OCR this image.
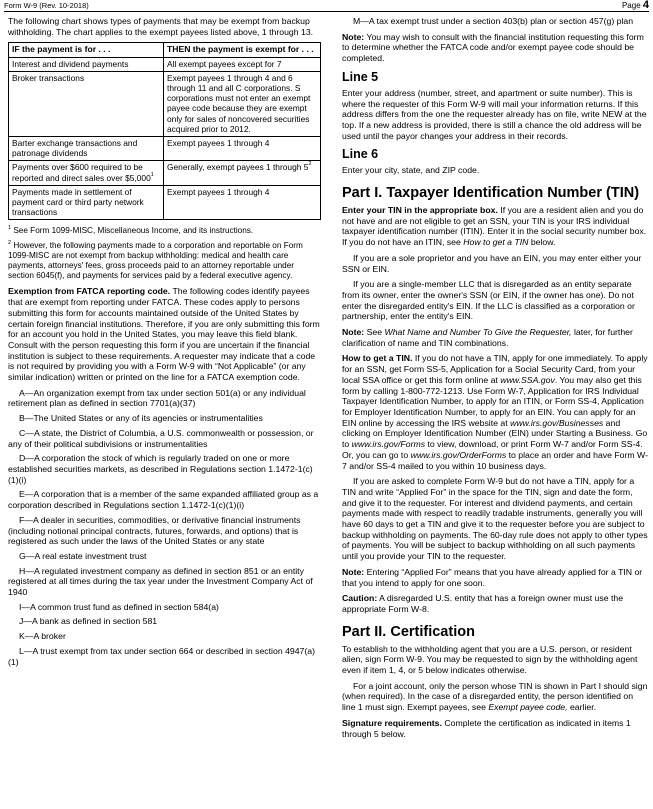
Form W-9 (Rev. 10-2018)	Page 4

The following chart shows types of payments that may be exempt from backup withholding. The chart applies to the exempt payees listed above, 1 through 13.

IF the payment is for . . .	THEN the payment is exempt for . . .
Interest and dividend payments	All exempt payees except for 7
Broker transactions	Exempt payees 1 through 4 and 6 through 11 and all C corporations. S corporations must not enter an exempt payee code because they are exempt only for sales of noncovered securities acquired prior to 2012.
Barter exchange transactions and patronage dividends	Exempt payees 1 through 4
Payments over $600 required to be reported and direct sales over $5,000$^1$	Generally, exempt payees 1 through $5^2$
Payments made in settlement of payment card or third party network transactions	Exempt payees 1 through 4

$^1$ See Form 1099-MISC, Miscellaneous Income, and its instructions.

$^2$ However, the following payments made to a corporation and reportable on Form 1099-MISC are not exempt from backup withholding: medical and health care payments, attorneys' fees, gross proceeds paid to an attorney reportable under section 6045(f), and payments for services paid by a federal executive agency.

Exemption from FATCA reporting code. The following codes identify payees that are exempt from reporting under FATCA. These codes apply to persons submitting this form for accounts maintained outside of the United States by certain foreign financial institutions. Therefore, if you are only submitting this form for an account you hold in the United States, you may leave this field blank. Consult with the person requesting this form if you are uncertain if the financial institution is subject to these requirements. A requester may indicate that a code is not required by providing you with a Form W-9 with “Not Applicable” (or any similar indication) written or printed on the line for a FATCA exemption code.

A—An organization exempt from tax under section 501(a) or any individual retirement plan as defined in section 7701(a)(37)

B—The United States or any of its agencies or instrumentalities

C—A state, the District of Columbia, a U.S. commonwealth or possession, or any of their political subdivisions or instrumentalities

D—A corporation the stock of which is regularly traded on one or more established securities markets, as described in Regulations section 1.1472-1(c)(1)(i)

E—A corporation that is a member of the same expanded affiliated group as a corporation described in Regulations section 1.1472-1(c)(1)(i)

F—A dealer in securities, commodities, or derivative financial instruments (including notional principal contracts, futures, forwards, and options) that is registered as such under the laws of the United States or any state

G—A real estate investment trust

H—A regulated investment company as defined in section 851 or an entity registered at all times during the tax year under the Investment Company Act of 1940

I—A common trust fund as defined in section 584(a)

J—A bank as defined in section 581

K—A broker

L—A trust exempt from tax under section 664 or described in section 4947(a)(1)

M—A tax exempt trust under a section 403(b) plan or section 457(g) plan

Note: You may wish to consult with the financial institution requesting this form to determine whether the FATCA code and/or exempt payee code should be completed.

Line 5

Enter your address (number, street, and apartment or suite number). This is where the requester of this Form W-9 will mail your information returns. If this address differs from the one the requester already has on file, write NEW at the top. If a new address is provided, there is still a chance the old address will be used until the payor changes your address in their records.

Line 6

Enter your city, state, and ZIP code.

Part I. Taxpayer Identification Number (TIN)

Enter your TIN in the appropriate box. If you are a resident alien and you do not have and are not eligible to get an SSN, your TIN is your IRS individual taxpayer identification number (ITIN). Enter it in the social security number box. If you do not have an ITIN, see How to get a TIN below.

If you are a sole proprietor and you have an EIN, you may enter either your SSN or EIN.

If you are a single-member LLC that is disregarded as an entity separate from its owner, enter the owner's SSN (or EIN, if the owner has one). Do not enter the disregarded entity's EIN. If the LLC is classified as a corporation or partnership, enter the entity's EIN.

Note: See What Name and Number To Give the Requester, later, for further clarification of name and TIN combinations.

How to get a TIN. If you do not have a TIN, apply for one immediately. To apply for an SSN, get Form SS-5, Application for a Social Security Card, from your local SSA office or get this form online at www.SSA.gov. You may also get this form by calling 1-800-772-1213. Use Form W-7, Application for IRS Individual Taxpayer Identification Number, to apply for an ITIN, or Form SS-4, Application for Employer Identification Number, to apply for an EIN. You can apply for an EIN online by accessing the IRS website at www.irs.gov/Businesses and clicking on Employer Identification Number (EIN) under Starting a Business. Go to www.irs.gov/Forms to view, download, or print Form W-7 and/or Form SS-4. Or, you can go to www.irs.gov/OrderForms to place an order and have Form W-7 and/or SS-4 mailed to you within 10 business days.

If you are asked to complete Form W-9 but do not have a TIN, apply for a TIN and write “Applied For” in the space for the TIN, sign and date the form, and give it to the requester. For interest and dividend payments, and certain payments made with respect to readily tradable instruments, generally you will have 60 days to get a TIN and give it to the requester before you are subject to backup withholding on payments. The 60-day rule does not apply to other types of payments. You will be subject to backup withholding on all such payments until you provide your TIN to the requester.

Note: Entering “Applied For” means that you have already applied for a TIN or that you intend to apply for one soon.

Caution: A disregarded U.S. entity that has a foreign owner must use the appropriate Form W-8.

Part II. Certification

To establish to the withholding agent that you are a U.S. person, or resident alien, sign Form W-9. You may be requested to sign by the withholding agent even if item 1, 4, or 5 below indicates otherwise.

For a joint account, only the person whose TIN is shown in Part I should sign (when required). In the case of a disregarded entity, the person identified on line 1 must sign. Exempt payees, see Exempt payee code, earlier.

Signature requirements. Complete the certification as indicated in items 1 through 5 below.
